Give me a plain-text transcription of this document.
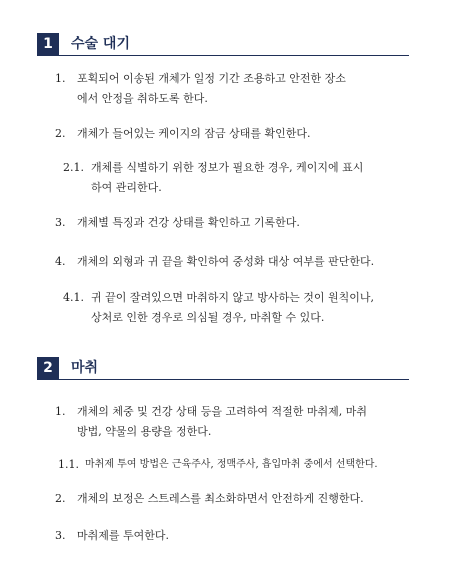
1	수술 대기
1. 포획되어 이송된 개체가 일정 기간 조용하고 안전한 장소
에서 안정을 취하도록 한다.
2. 개체가 들어있는 케이지의 잠금 상태를 확인한다.
2.1. 개체를 식별하기 위한 정보가 필요한 경우, 케이지에 표시
하여 관리한다.
3. 개체별 특징과 건강 상태를 확인하고 기록한다.
4. 개체의 외형과 귀 끝을 확인하여 중성화 대상 여부를 판단한다.
4.1. 귀 끝이 잘려있으면 마취하지 않고 방사하는 것이 원칙이나,
상처로 인한 경우로 의심될 경우, 마취할 수 있다.
2	마취
1. 개체의 체중 및 건강 상태 등을 고려하여 적절한 마취제, 마취
방법, 약물의 용량을 정한다.
1.1. 마취제 투여 방법은 근육주사, 정맥주사, 흡입마취 중에서 선택한다.
2. 개체의 보정은 스트레스를 최소화하면서 안전하게 진행한다.
3. 마취제를 투여한다.
